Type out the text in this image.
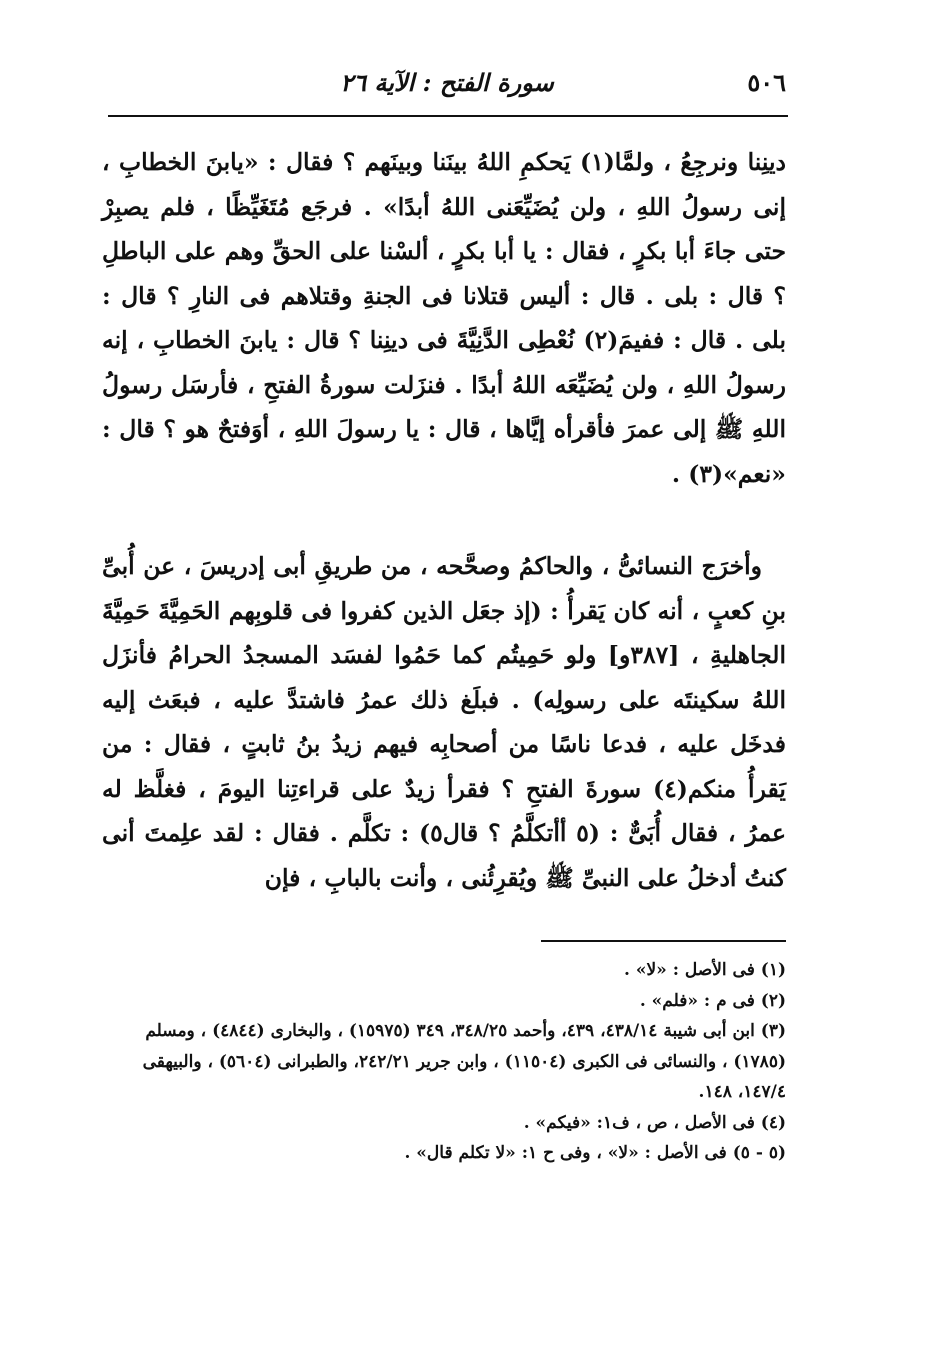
٥٠٦
سورة الفتح : الآية ٢٦

دينِنا ونرجِعُ ، ولمَّا(١) يَحكمِ اللهُ بينَنا وبينَهم ؟ فقال : «يابنَ الخطابِ ، إنى رسولُ اللهِ ، ولن يُضَيِّعَنى اللهُ أبدًا» . فرجَع مُتَغَيِّظًا ، فلم يصبِرْ حتى جاءَ أبا بكرٍ ، فقال : يا أبا بكرٍ ، ألسْنا على الحقِّ وهم على الباطلِ ؟ قال : بلى . قال : أليس قتلانا فى الجنةِ وقتلاهم فى النارِ ؟ قال : بلى . قال : ففيمَ(٢) نُعْطِى الدَّنِيَّةَ فى دينِنا ؟ قال : يابنَ الخطابِ ، إنه رسولُ اللهِ ، ولن يُضَيِّعَه اللهُ أبدًا . فنزَلت سورةُ الفتحِ ، فأرسَل رسولُ اللهِ ﷺ إلى عمرَ فأقرأه إيَّاها ، قال : يا رسولَ اللهِ ، أوَفتحٌ هو ؟ قال : «نعم»(٣) .

وأخرَج النسائىُّ ، والحاكمُ وصحَّحه ، من طريقِ أبى إدريسَ ، عن أُبىِّ بنِ كعبٍ ، أنه كان يَقرأُ : (إذ جعَل الذين كفروا فى قلوبِهم الحَمِيَّةَ حَمِيَّةَ الجاهليةِ ، [٣٨٧و] ولو حَمِيتُم كما حَمُوا لفسَد المسجدُ الحرامُ فأنزَل اللهُ سكينتَه على رسولِه) . فبلَغ ذلك عمرُ فاشتدَّ عليه ، فبعَث إليه فدخَل عليه ، فدعا ناسًا من أصحابِه فيهم زيدُ بنُ ثابتٍ ، فقال : من يَقرأُ منكم(٤) سورةَ الفتحِ ؟ فقرأ زيدٌ على قراءتِنا اليومَ ، فغلَّظ له عمرُ ، فقال أُبَىٌّ : (٥ أأتكلَّمُ ؟ قال٥) : تكلَّم . فقال : لقد علِمتَ أنى كنتُ أدخلُ على النبىِّ ﷺ ويُقرِئُنى ، وأنت بالبابِ ، فإن

(١) فى الأصل : «لا» .

(٢) فى م : «فلم» .

(٣) ابن أبى شيبة ٤٣٨/١٤، ٤٣٩، وأحمد ٣٤٨/٢٥، ٣٤٩ (١٥٩٧٥) ، والبخارى (٤٨٤٤) ، ومسلم (١٧٨٥) ، والنسائى فى الكبرى (١١٥٠٤) ، وابن جرير ٢٤٢/٢١، والطبرانى (٥٦٠٤) ، والبيهقى ١٤٧/٤، ١٤٨.

(٤) فى الأصل ، ص ، ف١: «فيكم» .

(٥ - ٥) فى الأصل : «لا» ، وفى ح ١: «لا تكلم قال» .
